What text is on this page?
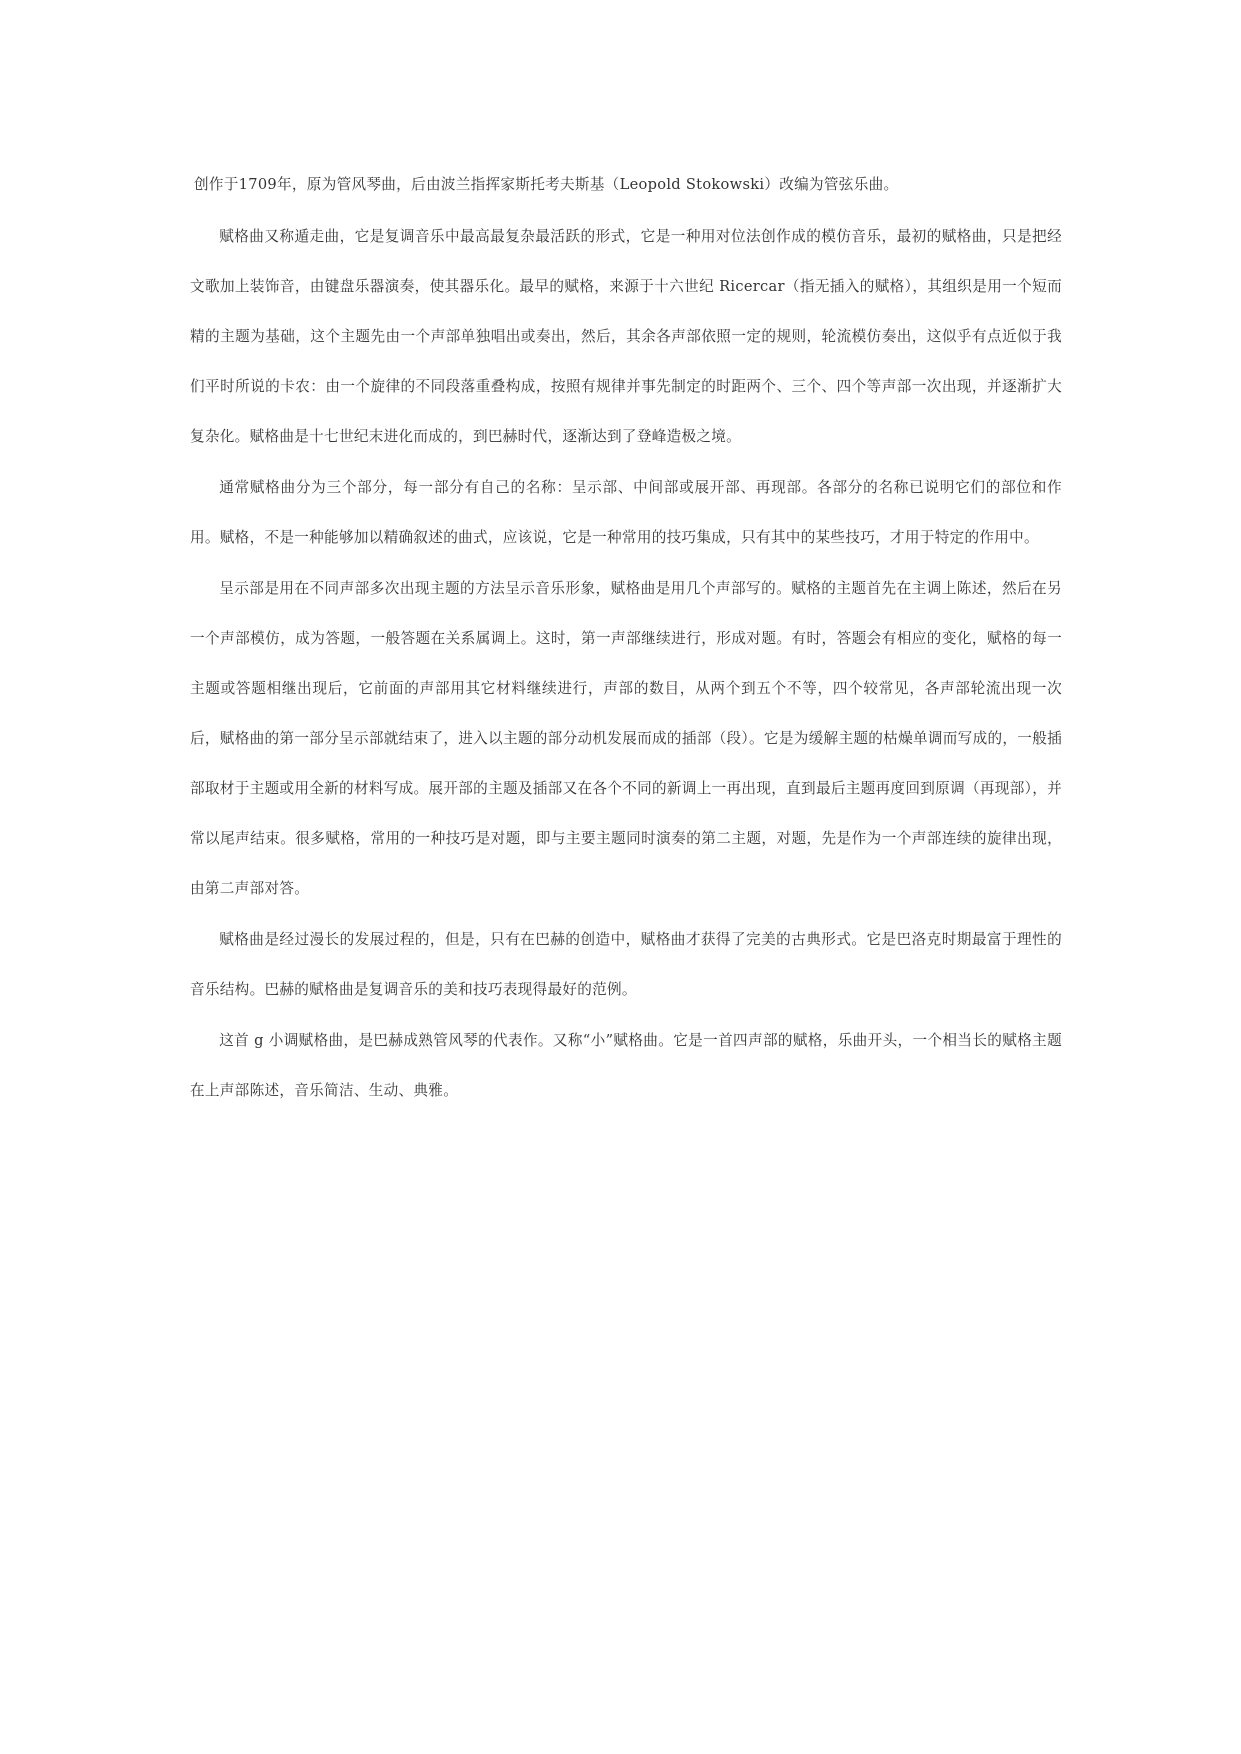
创作于1709年，原为管风琴曲，后由波兰指挥家斯托考夫斯基（Leopold Stokowski）改编为管弦乐曲。

赋格曲又称遁走曲，它是复调音乐中最高最复杂最活跃的形式，它是一种用对位法创作成的模仿音乐，最初的赋格曲，只是把经文歌加上装饰音，由键盘乐器演奏，使其器乐化。最早的赋格，来源于十六世纪 Ricercar（指无插入的赋格），其组织是用一个短而精的主题为基础，这个主题先由一个声部单独唱出或奏出，然后，其余各声部依照一定的规则，轮流模仿奏出，这似乎有点近似于我们平时所说的卡农：由一个旋律的不同段落重叠构成，按照有规律并事先制定的时距两个、三个、四个等声部一次出现，并逐渐扩大复杂化。赋格曲是十七世纪末进化而成的，到巴赫时代，逐渐达到了登峰造极之境。

通常赋格曲分为三个部分，每一部分有自己的名称：呈示部、中间部或展开部、再现部。各部分的名称已说明它们的部位和作用。赋格，不是一种能够加以精确叙述的曲式，应该说，它是一种常用的技巧集成，只有其中的某些技巧，才用于特定的作用中。

呈示部是用在不同声部多次出现主题的方法呈示音乐形象，赋格曲是用几个声部写的。赋格的主题首先在主调上陈述，然后在另一个声部模仿，成为答题，一般答题在关系属调上。这时，第一声部继续进行，形成对题。有时，答题会有相应的变化，赋格的每一主题或答题相继出现后，它前面的声部用其它材料继续进行，声部的数目，从两个到五个不等，四个较常见，各声部轮流出现一次后，赋格曲的第一部分呈示部就结束了，进入以主题的部分动机发展而成的插部（段）。它是为缓解主题的枯燥单调而写成的，一般插部取材于主题或用全新的材料写成。展开部的主题及插部又在各个不同的新调上一再出现，直到最后主题再度回到原调（再现部），并常以尾声结束。很多赋格，常用的一种技巧是对题，即与主要主题同时演奏的第二主题，对题，先是作为一个声部连续的旋律出现，由第二声部对答。

赋格曲是经过漫长的发展过程的，但是，只有在巴赫的创造中，赋格曲才获得了完美的古典形式。它是巴洛克时期最富于理性的音乐结构。巴赫的赋格曲是复调音乐的美和技巧表现得最好的范例。

这首 g 小调赋格曲，是巴赫成熟管风琴的代表作。又称“小”赋格曲。它是一首四声部的赋格，乐曲开头，一个相当长的赋格主题在上声部陈述，音乐简洁、生动、典雅。
